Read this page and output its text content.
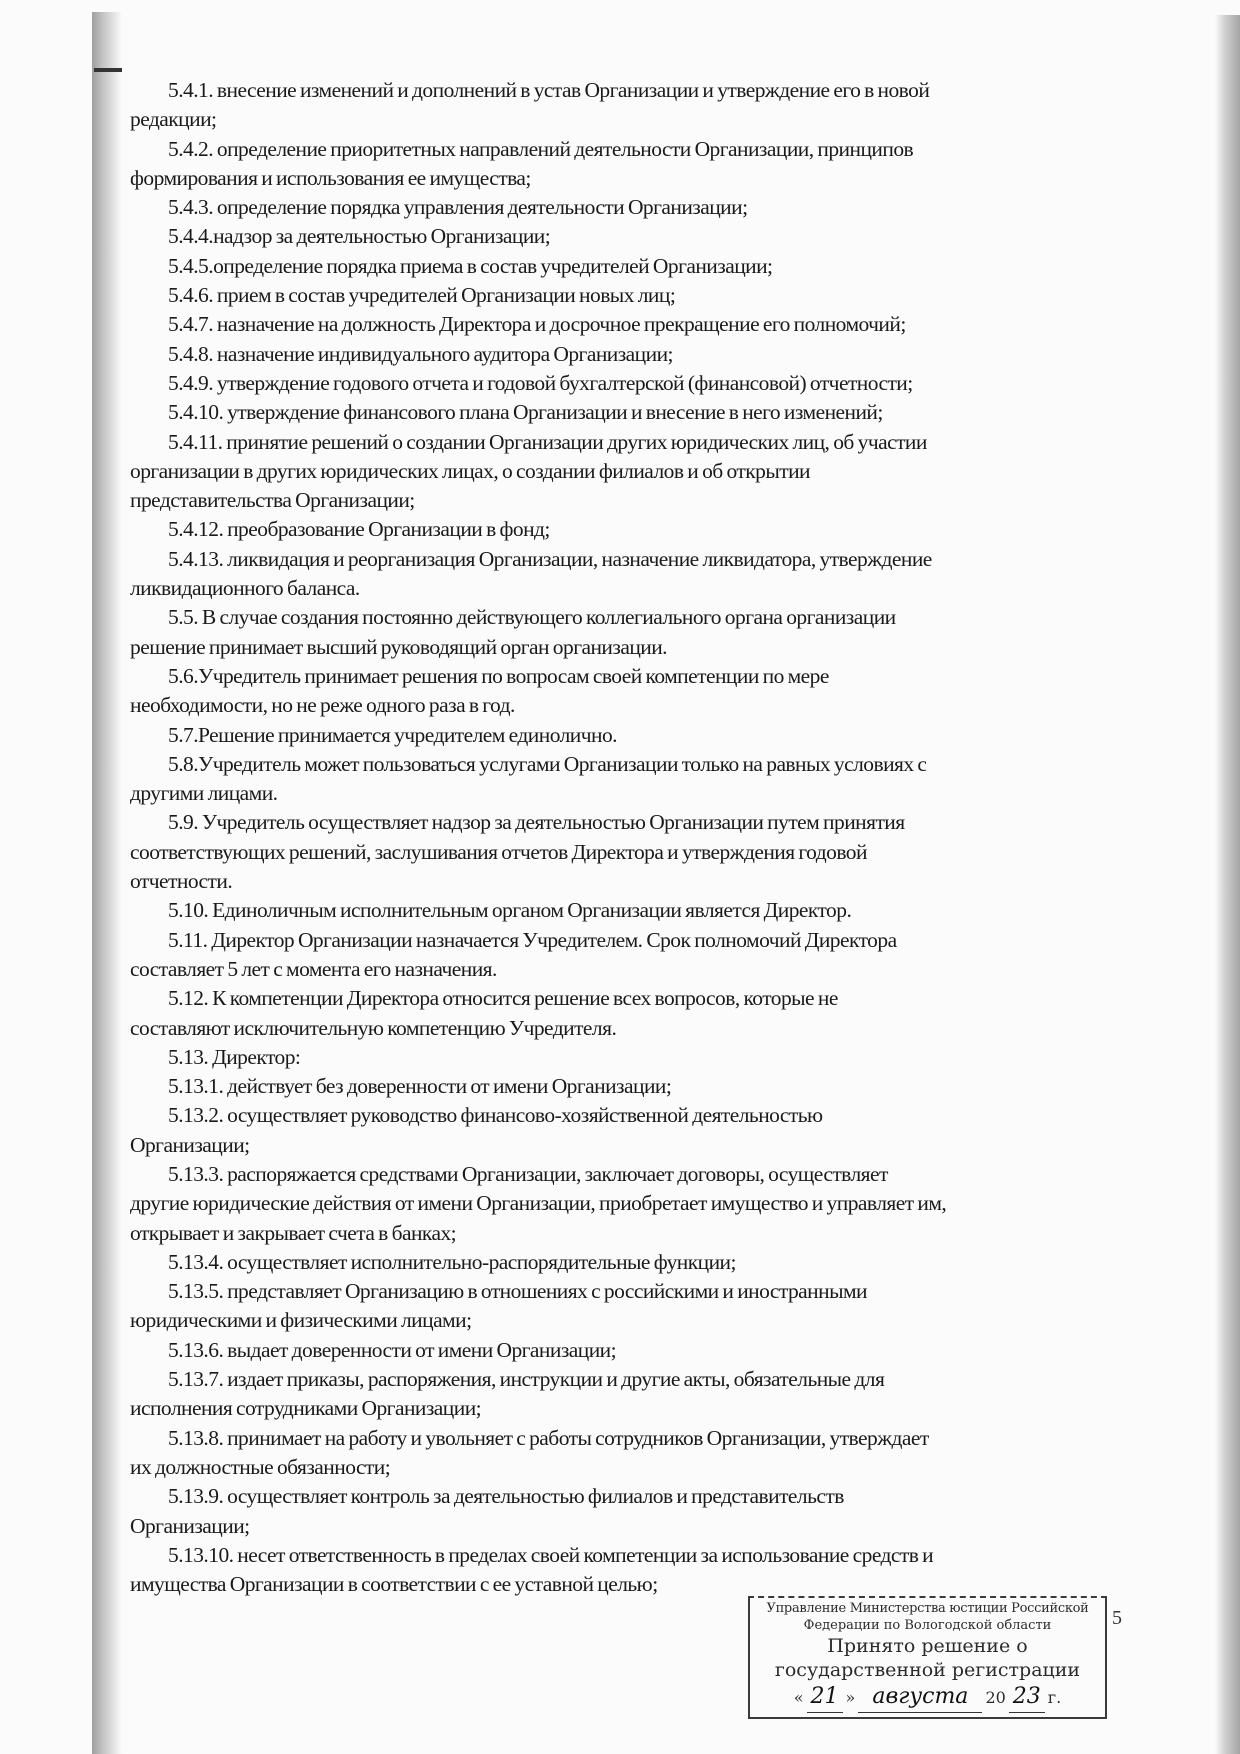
5.4.1. внесение изменений и дополнений в устав Организации и утверждение его в новой
редакции;
5.4.2. определение приоритетных направлений деятельности Организации, принципов
формирования и использования ее имущества;
5.4.3. определение порядка управления деятельности Организации;
5.4.4.надзор за деятельностью Организации;
5.4.5.определение порядка приема в состав учредителей Организации;
5.4.6. прием в состав учредителей Организации новых лиц;
5.4.7. назначение на должность Директора и досрочное прекращение его полномочий;
5.4.8. назначение индивидуального аудитора Организации;
5.4.9. утверждение годового отчета и годовой бухгалтерской (финансовой) отчетности;
5.4.10. утверждение финансового плана Организации и внесение в него изменений;
5.4.11. принятие решений о создании Организации других юридических лиц, об участии
организации в других юридических лицах, о создании филиалов и об открытии
представительства Организации;
5.4.12. преобразование Организации в фонд;
5.4.13. ликвидация и реорганизация Организации, назначение ликвидатора, утверждение
ликвидационного баланса.
5.5. В случае создания постоянно действующего коллегиального органа организации
решение принимает высший руководящий орган организации.
5.6.Учредитель принимает решения по вопросам своей компетенции по мере
необходимости, но не реже одного раза в год.
5.7.Решение принимается учредителем единолично.
5.8.Учредитель может пользоваться услугами Организации только на равных условиях с
другими лицами.
5.9. Учредитель осуществляет надзор за деятельностью Организации путем принятия
соответствующих решений, заслушивания отчетов Директора и утверждения годовой
отчетности.
5.10. Единоличным исполнительным органом Организации является Директор.
5.11. Директор Организации назначается Учредителем. Срок полномочий Директора
составляет 5 лет с момента его назначения.
5.12. К компетенции Директора относится решение всех вопросов, которые не
составляют исключительную компетенцию Учредителя.
5.13. Директор:
5.13.1. действует без доверенности от имени Организации;
5.13.2. осуществляет руководство финансово-хозяйственной деятельностью
Организации;
5.13.3. распоряжается средствами Организации, заключает договоры, осуществляет
другие юридические действия от имени Организации, приобретает имущество и управляет им,
открывает и закрывает счета в банках;
5.13.4. осуществляет исполнительно-распорядительные функции;
5.13.5. представляет Организацию в отношениях с российскими и иностранными
юридическими и физическими лицами;
5.13.6. выдает доверенности от имени Организации;
5.13.7. издает приказы, распоряжения, инструкции и другие акты, обязательные для
исполнения сотрудниками Организации;
5.13.8. принимает на работу и увольняет с работы сотрудников Организации, утверждает
их должностные обязанности;
5.13.9. осуществляет контроль за деятельностью филиалов и представительств
Организации;
5.13.10. несет ответственность в пределах своей компетенции за использование средств и
имущества Организации в соответствии с ее уставной целью;
5
Управление Министерства юстиции Российской
Федерации по Вологодской области
Принято решение о
государственной регистрации
« 21 » августа	20 23 г.
